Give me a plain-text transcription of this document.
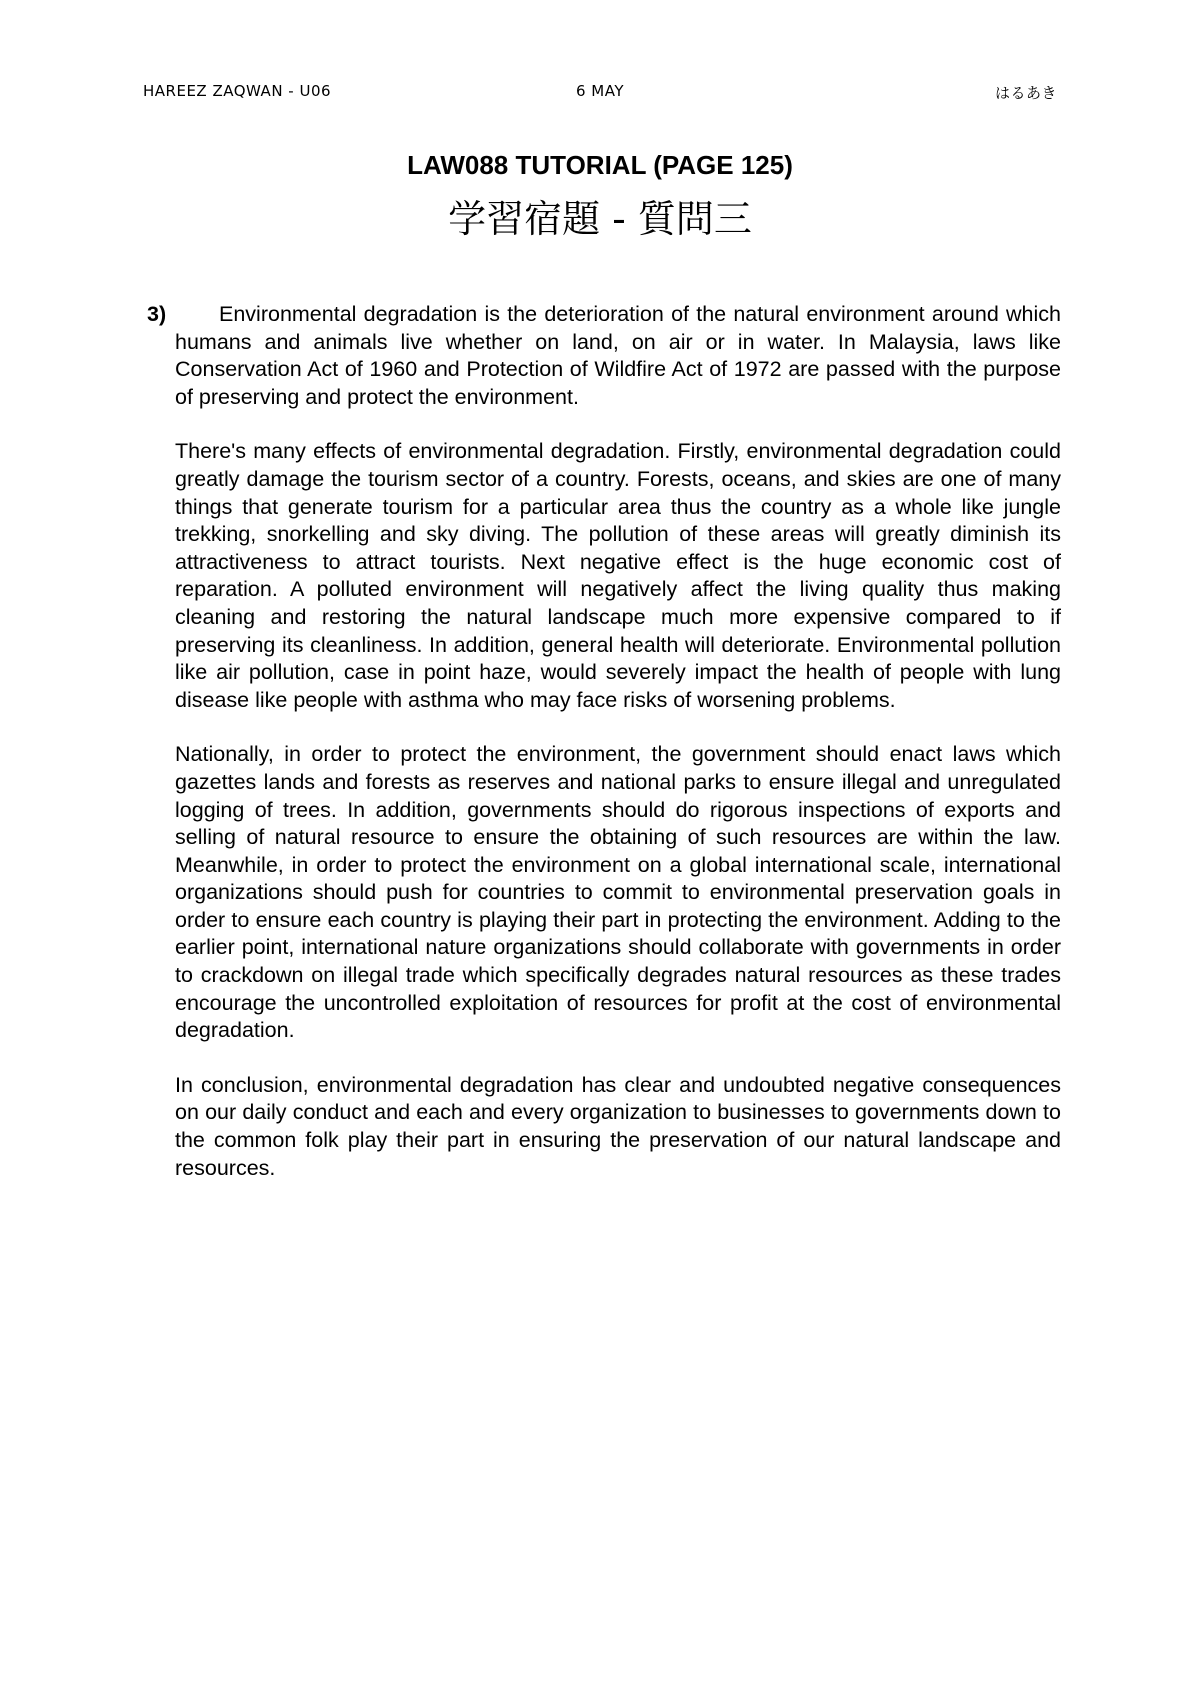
HAREEZ ZAQWAN - U06	6 MAY	はるあき
LAW088 TUTORIAL (PAGE 125)
学習宿題 - 質問三

3) Environmental degradation is the deterioration of the natural environment around which humans and animals live whether on land, on air or in water. In Malaysia, laws like Conservation Act of 1960 and Protection of Wildfire Act of 1972 are passed with the purpose of preserving and protect the environment.

There's many effects of environmental degradation. Firstly, environmental degradation could greatly damage the tourism sector of a country. Forests, oceans, and skies are one of many things that generate tourism for a particular area thus the country as a whole like jungle trekking, snorkelling and sky diving. The pollution of these areas will greatly diminish its attractiveness to attract tourists. Next negative effect is the huge economic cost of reparation. A polluted environment will negatively affect the living quality thus making cleaning and restoring the natural landscape much more expensive compared to if preserving its cleanliness. In addition, general health will deteriorate. Environmental pollution like air pollution, case in point haze, would severely impact the health of people with lung disease like people with asthma who may face risks of worsening problems.

Nationally, in order to protect the environment, the government should enact laws which gazettes lands and forests as reserves and national parks to ensure illegal and unregulated logging of trees. In addition, governments should do rigorous inspections of exports and selling of natural resource to ensure the obtaining of such resources are within the law. Meanwhile, in order to protect the environment on a global international scale, international organizations should push for countries to commit to environmental preservation goals in order to ensure each country is playing their part in protecting the environment. Adding to the earlier point, international nature organizations should collaborate with governments in order to crackdown on illegal trade which specifically degrades natural resources as these trades encourage the uncontrolled exploitation of resources for profit at the cost of environmental degradation.

In conclusion, environmental degradation has clear and undoubted negative consequences on our daily conduct and each and every organization to businesses to governments down to the common folk play their part in ensuring the preservation of our natural landscape and resources.
